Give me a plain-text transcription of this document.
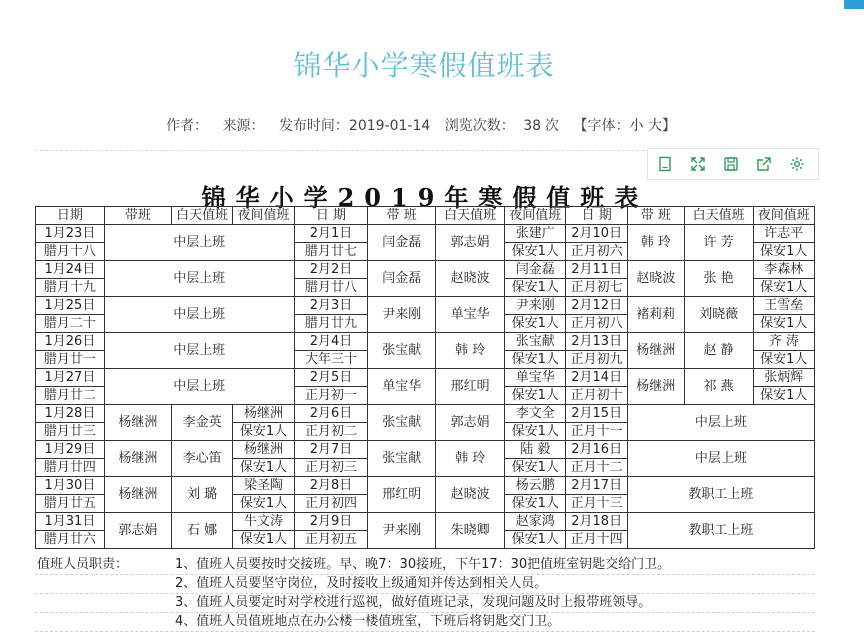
锦华小学寒假值班表
作者： 来源： 发布时间：2019-01-14 浏览次数： 38 次 【字体：小 大】
锦华小学2019年寒假值班表
日期	带班	白天值班	夜间值班	日 期	带 班	白天值班	夜间值班	日 期	带 班	白天值班	夜间值班
1月23日	中层上班			2月1日	闫金磊	郭志娟	张建广	2月10日	韩 玲	许 芳	许志平
腊月十八				腊月廿七			保安1人	正月初六			保安1人
1月24日	中层上班			2月2日	闫金磊	赵晓波	闫金磊	2月11日	赵晓波	张 艳	李森林
腊月十九				腊月廿八			保安1人	正月初七			保安1人
1月25日	中层上班			2月3日	尹来刚	单宝华	尹来刚	2月12日	褚莉莉	刘晓薇	王雪垒
腊月二十				腊月廿九			保安1人	正月初八			保安1人
1月26日	中层上班			2月4日	张宝献	韩 玲	张宝献	2月13日	杨继洲	赵 静	齐 涛
腊月廿一				大年三十			保安1人	正月初九			保安1人
1月27日	中层上班			2月5日	单宝华	邢红明	单宝华	2月14日	杨继洲	祁 燕	张炳辉
腊月廿二				正月初一			保安1人	正月初十			保安1人
1月28日	杨继洲	李金英	杨继洲	2月6日	张宝献	郭志娟	李文全	2月15日	中层上班		
腊月廿三			保安1人	正月初二			保安1人	正月十一			
1月29日	杨继洲	李心笛	杨继洲	2月7日	张宝献	韩 玲	陆 毅	2月16日	中层上班		
腊月廿四			保安1人	正月初三			保安1人	正月十二			
1月30日	杨继洲	刘 璐	梁圣陶	2月8日	邢红明	赵晓波	杨云鹏	2月17日	教职工上班		
腊月廿五			保安1人	正月初四			保安1人	正月十三			
1月31日	郭志娟	石 娜	牛文涛	2月9日	尹来刚	朱晓卿	赵家鸿	2月18日	教职工上班		
腊月廿六			保安1人	正月初五			保安1人	正月十四			
值班人员职责：	1、值班人员要按时交接班。早、晚7：30接班，下午17：30把值班室钥匙交给门卫。
2、值班人员要坚守岗位，及时接收上级通知并传达到相关人员。
3、值班人员要定时对学校进行巡视，做好值班记录，发现问题及时上报带班领导。
4、值班人员值班地点在办公楼一楼值班室，下班后将钥匙交门卫。
